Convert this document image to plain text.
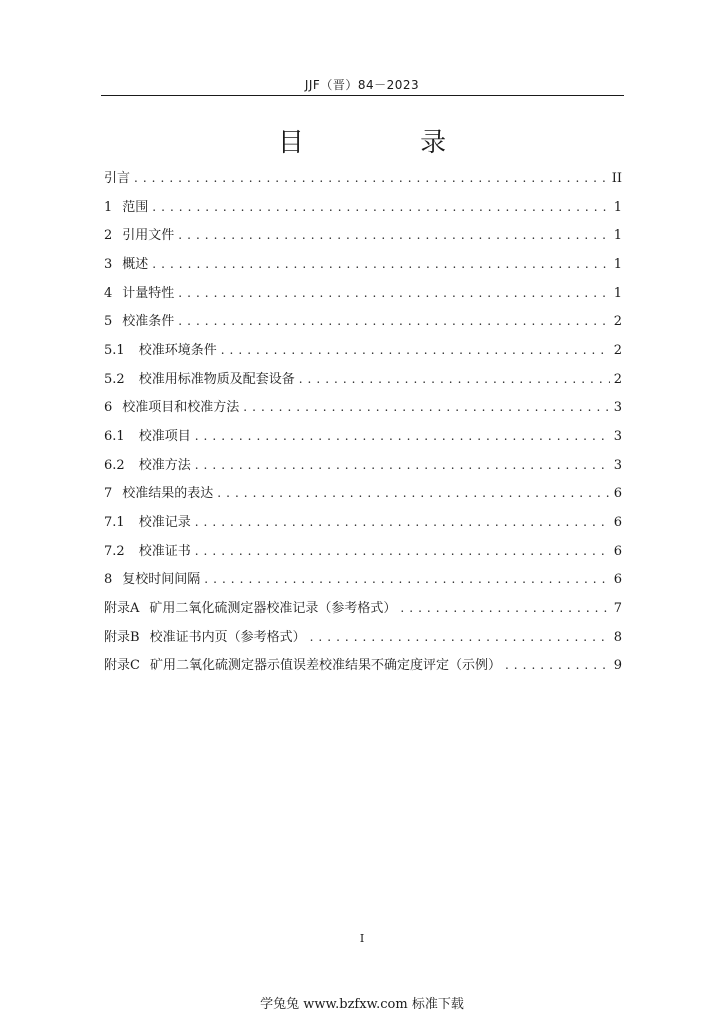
JJF（晋）84－2023
目 录
引言 . . .	II
1 范围 . . .	1
2 引用文件 . . .	1
3 概述 . . .	1
4 计量特性 . . .	1
5 校准条件 . . .	2
5.1 校准环境条件 . . .	2
5.2 校准用标准物质及配套设备 . . .	2
6 校准项目和校准方法 . . .	3
6.1 校准项目 . . .	3
6.2 校准方法 . . .	3
7 校准结果的表达 . . .	6
7.1 校准记录 . . .	6
7.2 校准证书 . . .	6
8 复校时间间隔 . . .	6
附录A 矿用二氧化硫测定器校准记录（参考格式） . . .	7
附录B 校准证书内页（参考格式） . . .	8
附录C 矿用二氧化硫测定器示值误差校准结果不确定度评定（示例） . . .	9
I
学兔兔 www.bzfxw.com 标准下载
